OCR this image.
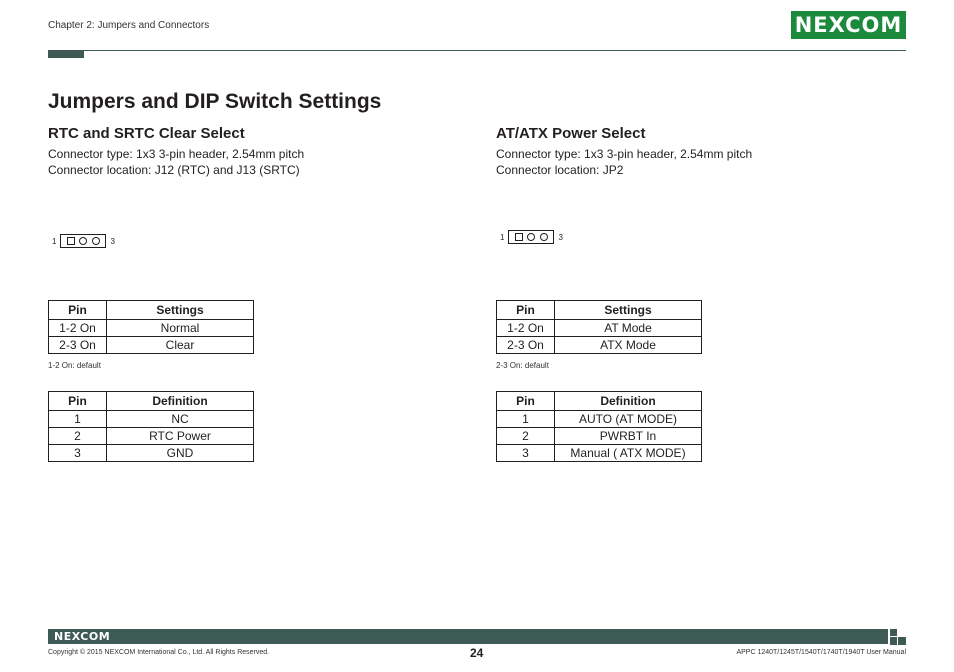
Chapter 2: Jumpers and Connectors	NEXCOM
Jumpers and DIP Switch Settings
RTC and SRTC Clear Select
Connector type: 1x3 3-pin header, 2.54mm pitch
Connector location: J12 (RTC) and J13 (SRTC)
1	3
Pin	Settings
1-2 On	Normal
2-3 On	Clear
1-2 On: default
Pin	Definition
1	NC
2	RTC Power
3	GND
AT/ATX Power Select
Connector type: 1x3 3-pin header, 2.54mm pitch
Connector location: JP2
1	3
Pin	Settings
1-2 On	AT Mode
2-3 On	ATX Mode
2-3 On: default
Pin	Definition
1	AUTO (AT MODE)
2	PWRBT In
3	Manual ( ATX MODE)
NEXCOM
Copyright © 2015 NEXCOM International Co., Ltd. All Rights Reserved.	24	APPC 1240T/1245T/1540T/1740T/1940T User Manual
